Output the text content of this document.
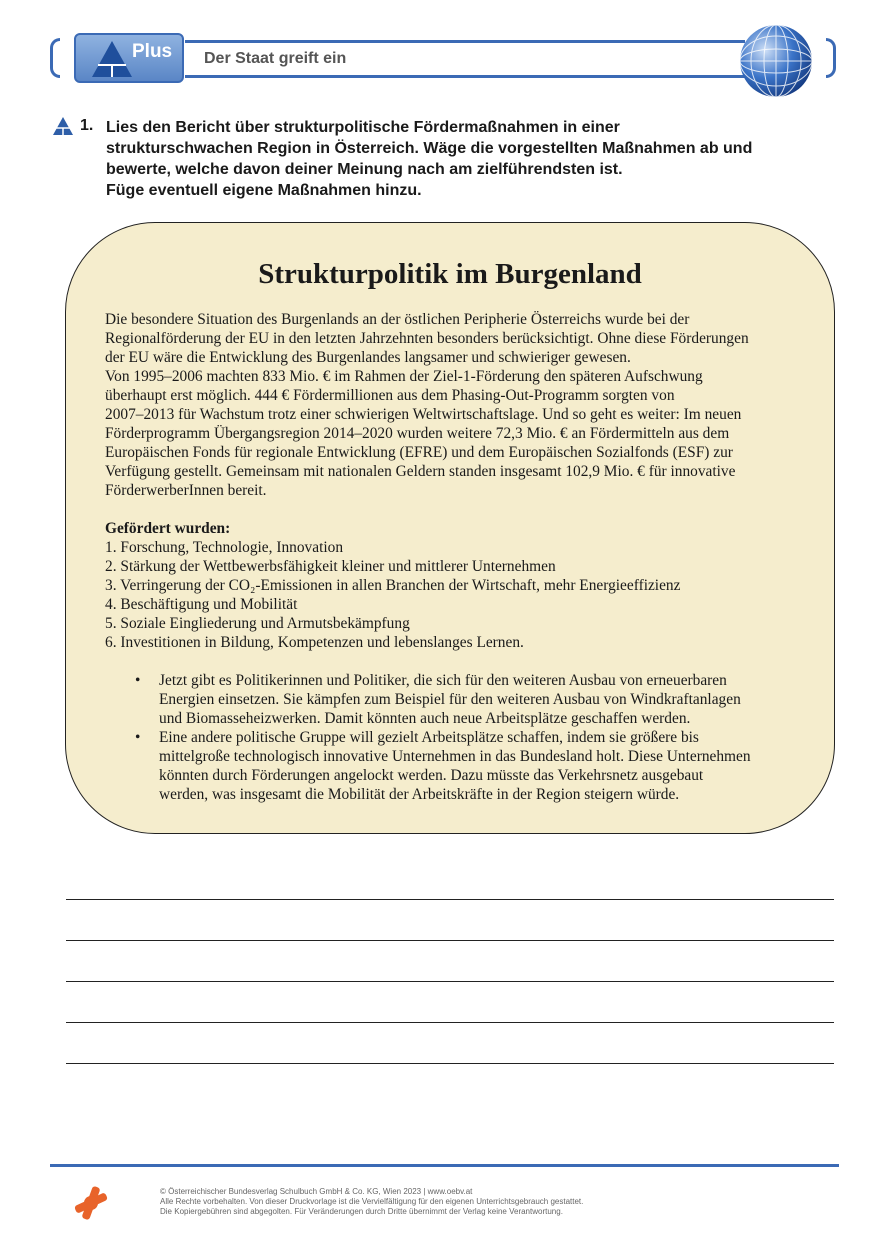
Plus Der Staat greift ein
1. Lies den Bericht über strukturpolitische Fördermaßnahmen in einer
strukturschwachen Region in Österreich. Wäge die vorgestellten Maßnahmen ab und
bewerte, welche davon deiner Meinung nach am zielführendsten ist.
Füge eventuell eigene Maßnahmen hinzu.
Strukturpolitik im Burgenland

Die besondere Situation des Burgenlands an der östlichen Peripherie Österreichs wurde bei der

Regionalförderung der EU in den letzten Jahrzehnten besonders berücksichtigt. Ohne diese Förderungen

der EU wäre die Entwicklung des Burgenlandes langsamer und schwieriger gewesen.

Von 1995–2006 machten 833 Mio. € im Rahmen der Ziel-1-Förderung den späteren Aufschwung

überhaupt erst möglich. 444 € Fördermillionen aus dem Phasing-Out-Programm sorgten von

2007–2013 für Wachstum trotz einer schwierigen Weltwirtschaftslage. Und so geht es weiter: Im neuen

Förderprogramm Übergangsregion 2014–2020 wurden weitere 72,3 Mio. € an Fördermitteln aus dem

Europäischen Fonds für regionale Entwicklung (EFRE) und dem Europäischen Sozialfonds (ESF) zur

Verfügung gestellt. Gemeinsam mit nationalen Geldern standen insgesamt 102,9 Mio. € für innovative

FörderwerberInnen bereit.

Gefördert wurden:

1. Forschung, Technologie, Innovation
2. Stärkung der Wettbewerbsfähigkeit kleiner und mittlerer Unternehmen
3. Verringerung der CO₂-Emissionen in allen Branchen der Wirtschaft, mehr Energieeffizienz
4. Beschäftigung und Mobilität
5. Soziale Eingliederung und Armutsbekämpfung
6. Investitionen in Bildung, Kompetenzen und lebenslanges Lernen.
• Jetzt gibt es Politikerinnen und Politiker, die sich für den weiteren Ausbau von erneuerbaren
Energien einsetzen. Sie kämpfen zum Beispiel für den weiteren Ausbau von Windkraftanlagen
und Biomasseheizwerken. Damit könnten auch neue Arbeitsplätze geschaffen werden.
• Eine andere politische Gruppe will gezielt Arbeitsplätze schaffen, indem sie größere bis
mittelgroße technologisch innovative Unternehmen in das Bundesland holt. Diese Unternehmen
könnten durch Förderungen angelockt werden. Dazu müsste das Verkehrsnetz ausgebaut
werden, was insgesamt die Mobilität der Arbeitskräfte in der Region steigern würde.
© Österreichischer Bundesverlag Schulbuch GmbH & Co. KG, Wien 2023 | www.oebv.at
Alle Rechte vorbehalten. Von dieser Druckvorlage ist die Vervielfältigung für den eigenen Unterrichtsgebrauch gestattet.
Die Kopiergebühren sind abgegolten. Für Veränderungen durch Dritte übernimmt der Verlag keine Verantwortung.
